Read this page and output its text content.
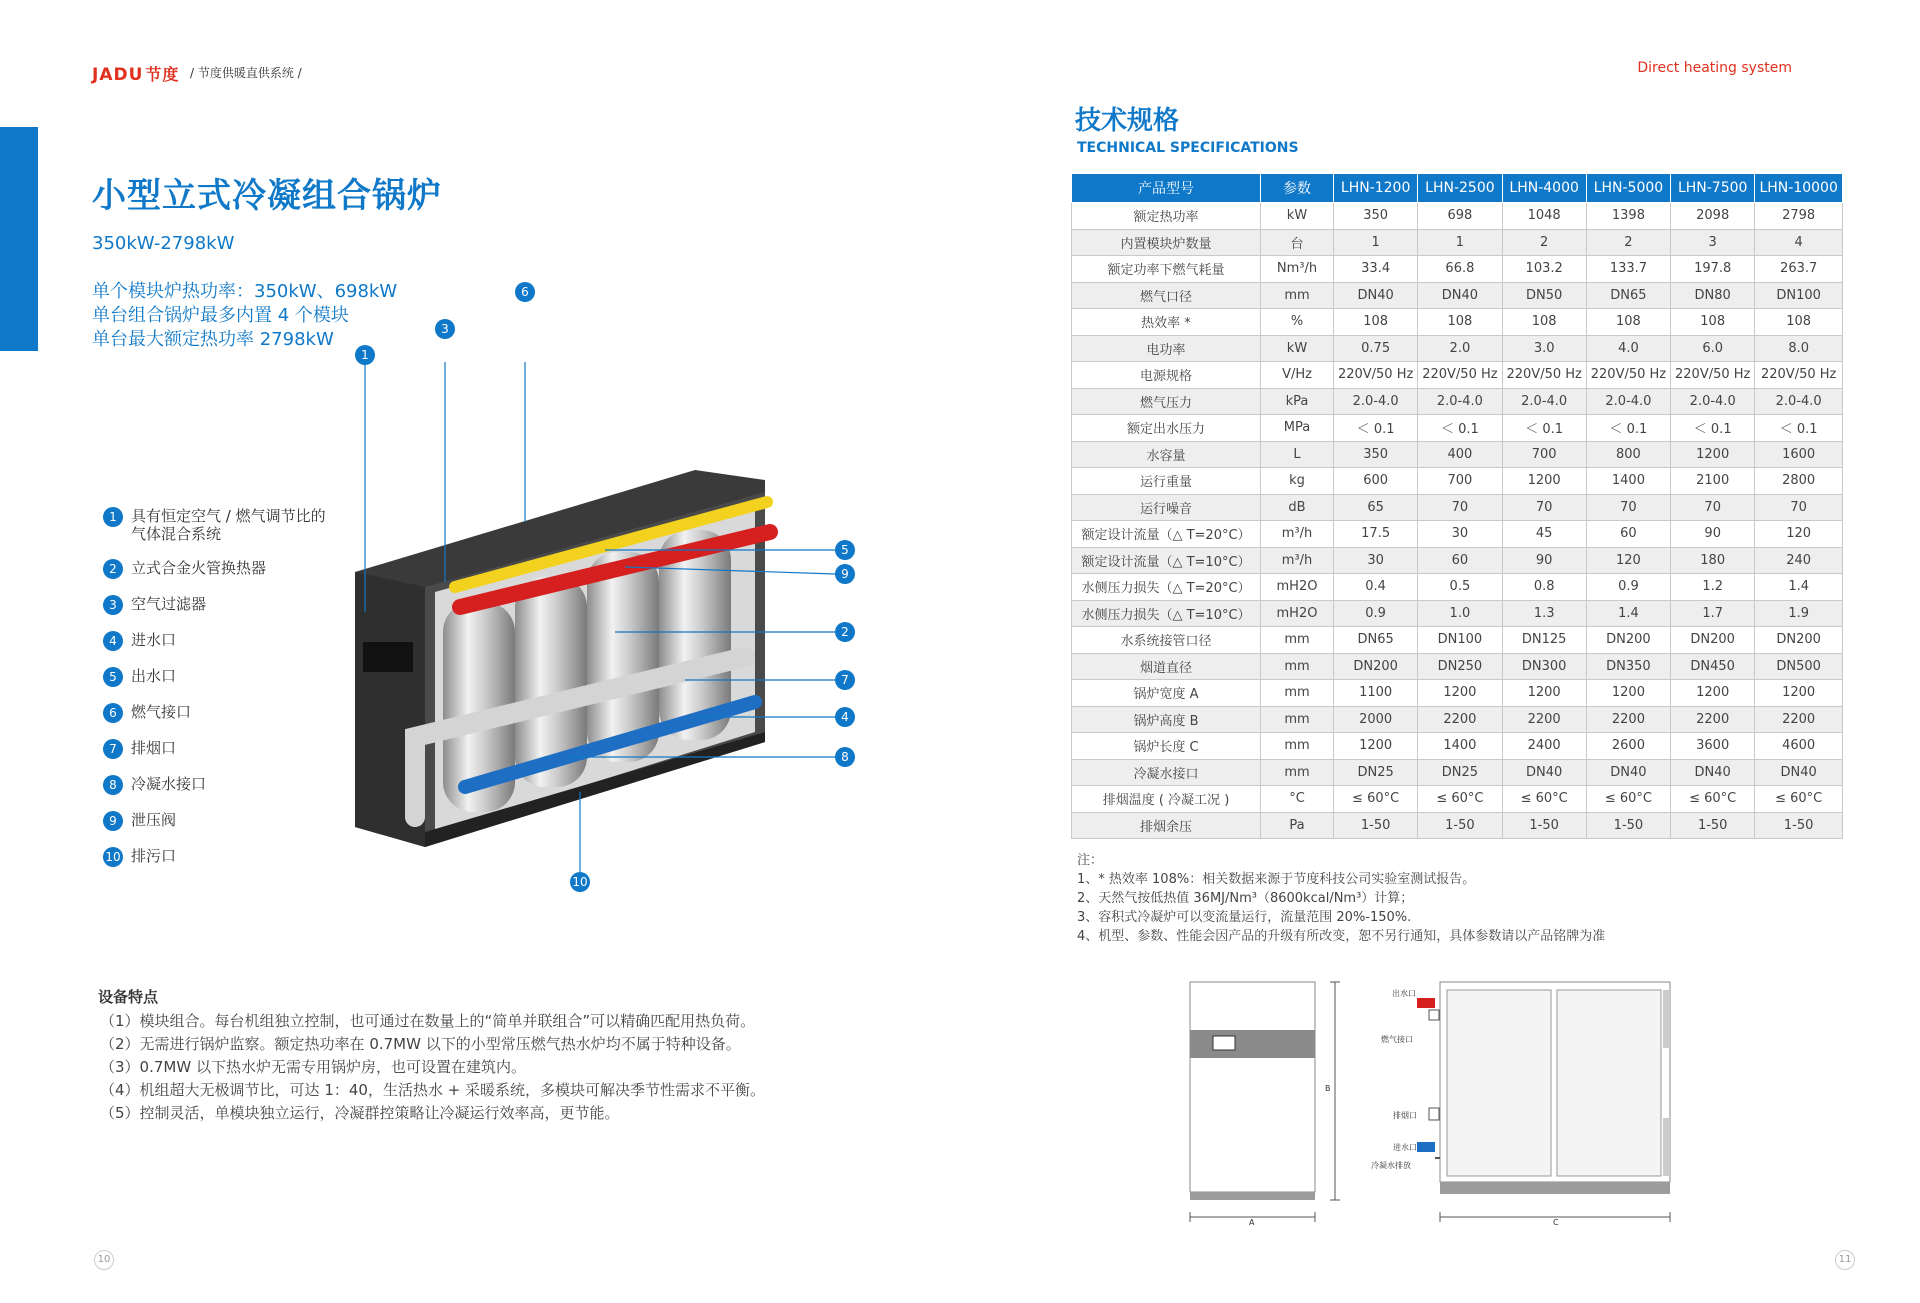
JADU 节度 / 节度供暖直供系统 /	Direct heating system
小型立式冷凝组合锅炉
350kW-2798kW
单个模块炉热功率：350kW、698kW
单台组合锅炉最多内置 4 个模块
单台最大额定热功率 2798kW
1 具有恒定空气 / 燃气调节比的
气体混合系统
2 立式合金火管换热器
3 空气过滤器
4 进水口
5 出水口
6 燃气接口
7 排烟口
8 冷凝水接口
9 泄压阀
10 排污口
1
3
6
5
9
2
7
4
8
10
设备特点
（1）模块组合。每台机组独立控制，也可通过在数量上的“简单并联组合”可以精确匹配用热负荷。
（2）无需进行锅炉监察。额定热功率在 0.7MW 以下的小型常压燃气热水炉均不属于特种设备。
（3）0.7MW 以下热水炉无需专用锅炉房，也可设置在建筑内。
（4）机组超大无极调节比，可达 1：40，生活热水 + 采暖系统，多模块可解决季节性需求不平衡。
（5）控制灵活，单模块独立运行，冷凝群控策略让冷凝运行效率高，更节能。
10
技术规格
TECHNICAL SPECIFICATIONS
产品型号	参数	LHN-1200	LHN-2500	LHN-4000	LHN-5000	LHN-7500	LHN-10000
额定热功率	kW	350	698	1048	1398	2098	2798
内置模块炉数量	台	1	1	2	2	3	4
额定功率下燃气耗量	Nm³/h	33.4	66.8	103.2	133.7	197.8	263.7
燃气口径	mm	DN40	DN40	DN50	DN65	DN80	DN100
热效率 *	%	108	108	108	108	108	108
电功率	kW	0.75	2.0	3.0	4.0	6.0	8.0
电源规格	V/Hz	220V/50 Hz	220V/50 Hz	220V/50 Hz	220V/50 Hz	220V/50 Hz	220V/50 Hz
燃气压力	kPa	2.0-4.0	2.0-4.0	2.0-4.0	2.0-4.0	2.0-4.0	2.0-4.0
额定出水压力	MPa	＜ 0.1	＜ 0.1	＜ 0.1	＜ 0.1	＜ 0.1	＜ 0.1
水容量	L	350	400	700	800	1200	1600
运行重量	kg	600	700	1200	1400	2100	2800
运行噪音	dB	65	70	70	70	70	70
额定设计流量（△ T=20°C）	m³/h	17.5	30	45	60	90	120
额定设计流量（△ T=10°C）	m³/h	30	60	90	120	180	240
水侧压力损失（△ T=20°C）	mH2O	0.4	0.5	0.8	0.9	1.2	1.4
水侧压力损失（△ T=10°C）	mH2O	0.9	1.0	1.3	1.4	1.7	1.9
水系统接管口径	mm	DN65	DN100	DN125	DN200	DN200	DN200
烟道直径	mm	DN200	DN250	DN300	DN350	DN450	DN500
锅炉宽度 A	mm	1100	1200	1200	1200	1200	1200
锅炉高度 B	mm	2000	2200	2200	2200	2200	2200
锅炉长度 C	mm	1200	1400	2400	2600	3600	4600
冷凝水接口	mm	DN25	DN25	DN40	DN40	DN40	DN40
排烟温度 ( 冷凝工况 )	°C	≤ 60°C	≤ 60°C	≤ 60°C	≤ 60°C	≤ 60°C	≤ 60°C
排烟余压	Pa	1-50	1-50	1-50	1-50	1-50	1-50
注：
1、* 热效率 108%：相关数据来源于节度科技公司实验室测试报告。
2、天然气按低热值 36MJ/Nm³（8600kcal/Nm³）计算；
3、容积式冷凝炉可以变流量运行，流量范围 20%-150%.
4、机型、参数、性能会因产品的升级有所改变，恕不另行通知，具体参数请以产品铭牌为准
出水口
燃气接口
排烟口
进水口
冷凝水排放
A
B
C
11
